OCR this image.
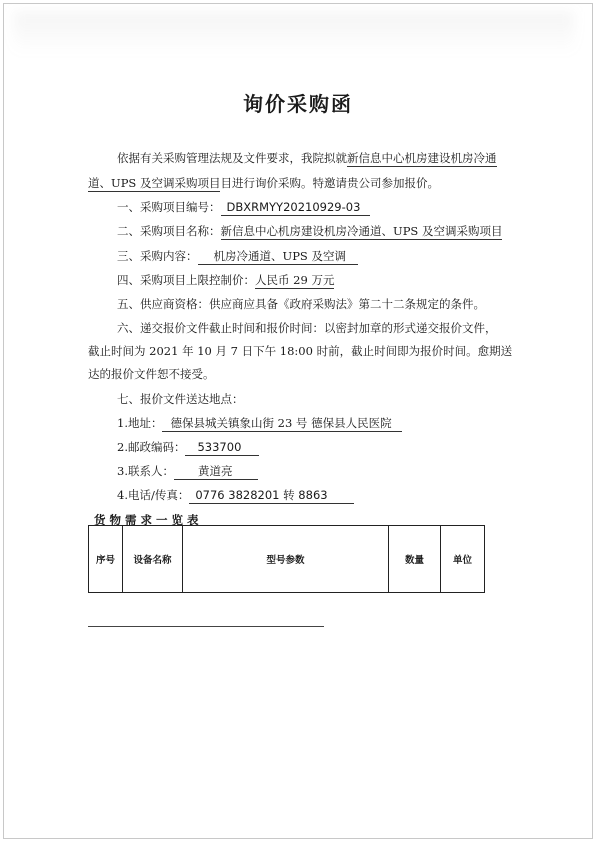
询价采购函
依据有关采购管理法规及文件要求，我院拟就新信息中心机房建设机房冷通
道、UPS 及空调采购项目目进行询价采购。特邀请贵公司参加报价。
一、采购项目编号： DBXRMYY20210929-03
二、采购项目名称：新信息中心机房建设机房冷通道、UPS 及空调采购项目
三、采购内容： 机房冷通道、UPS 及空调
四、采购项目上限控制价：人民币 29 万元
五、供应商资格：供应商应具备《政府采购法》第二十二条规定的条件。
六、递交报价文件截止时间和报价时间：以密封加章的形式递交报价文件，
截止时间为 2021 年 10 月 7 日下午 18:00 时前，截止时间即为报价时间。愈期送
达的报价文件恕不接受。
七、报价文件送达地点：
1.地址： 德保县城关镇象山街 23 号 德保县人民医院
2.邮政编码： 533700
3.联系人： 黄道亮
4.电话/传真： 0776 3828201 转 8863
货物需求一览表
序号	设备名称	型号参数	数量	单位
